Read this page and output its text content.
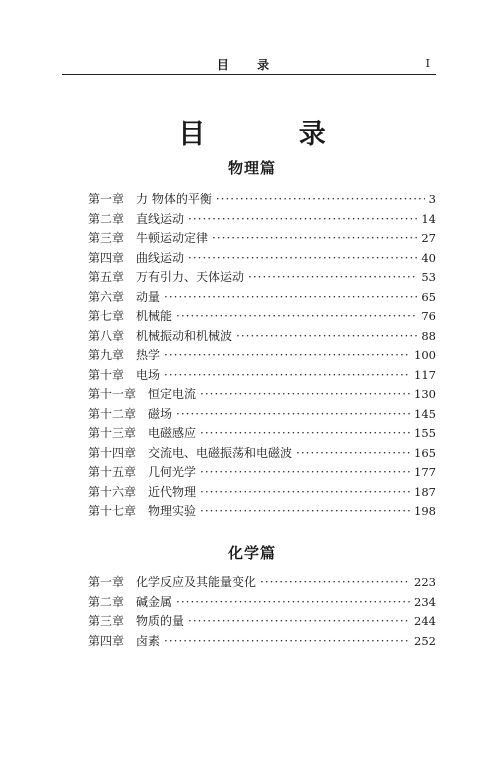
目 录	I
目 录
物理篇
第一章 力 物体的平衡 ·····	3
第二章 直线运动 ·····	14
第三章 牛顿运动定律 ·····	27
第四章 曲线运动 ·····	40
第五章 万有引力、天体运动 ·····	53
第六章 动量 ·····	65
第七章 机械能 ·····	76
第八章 机械振动和机械波 ·····	88
第九章 热学 ·····	100
第十章 电场 ·····	117
第十一章 恒定电流 ·····	130
第十二章 磁场 ·····	145
第十三章 电磁感应 ·····	155
第十四章 交流电、电磁振荡和电磁波 ·····	165
第十五章 几何光学 ·····	177
第十六章 近代物理 ·····	187
第十七章 物理实验 ·····	198
化学篇
第一章 化学反应及其能量变化 ·····	223
第二章 碱金属 ·····	234
第三章 物质的量 ·····	244
第四章 卤素 ·····	252
